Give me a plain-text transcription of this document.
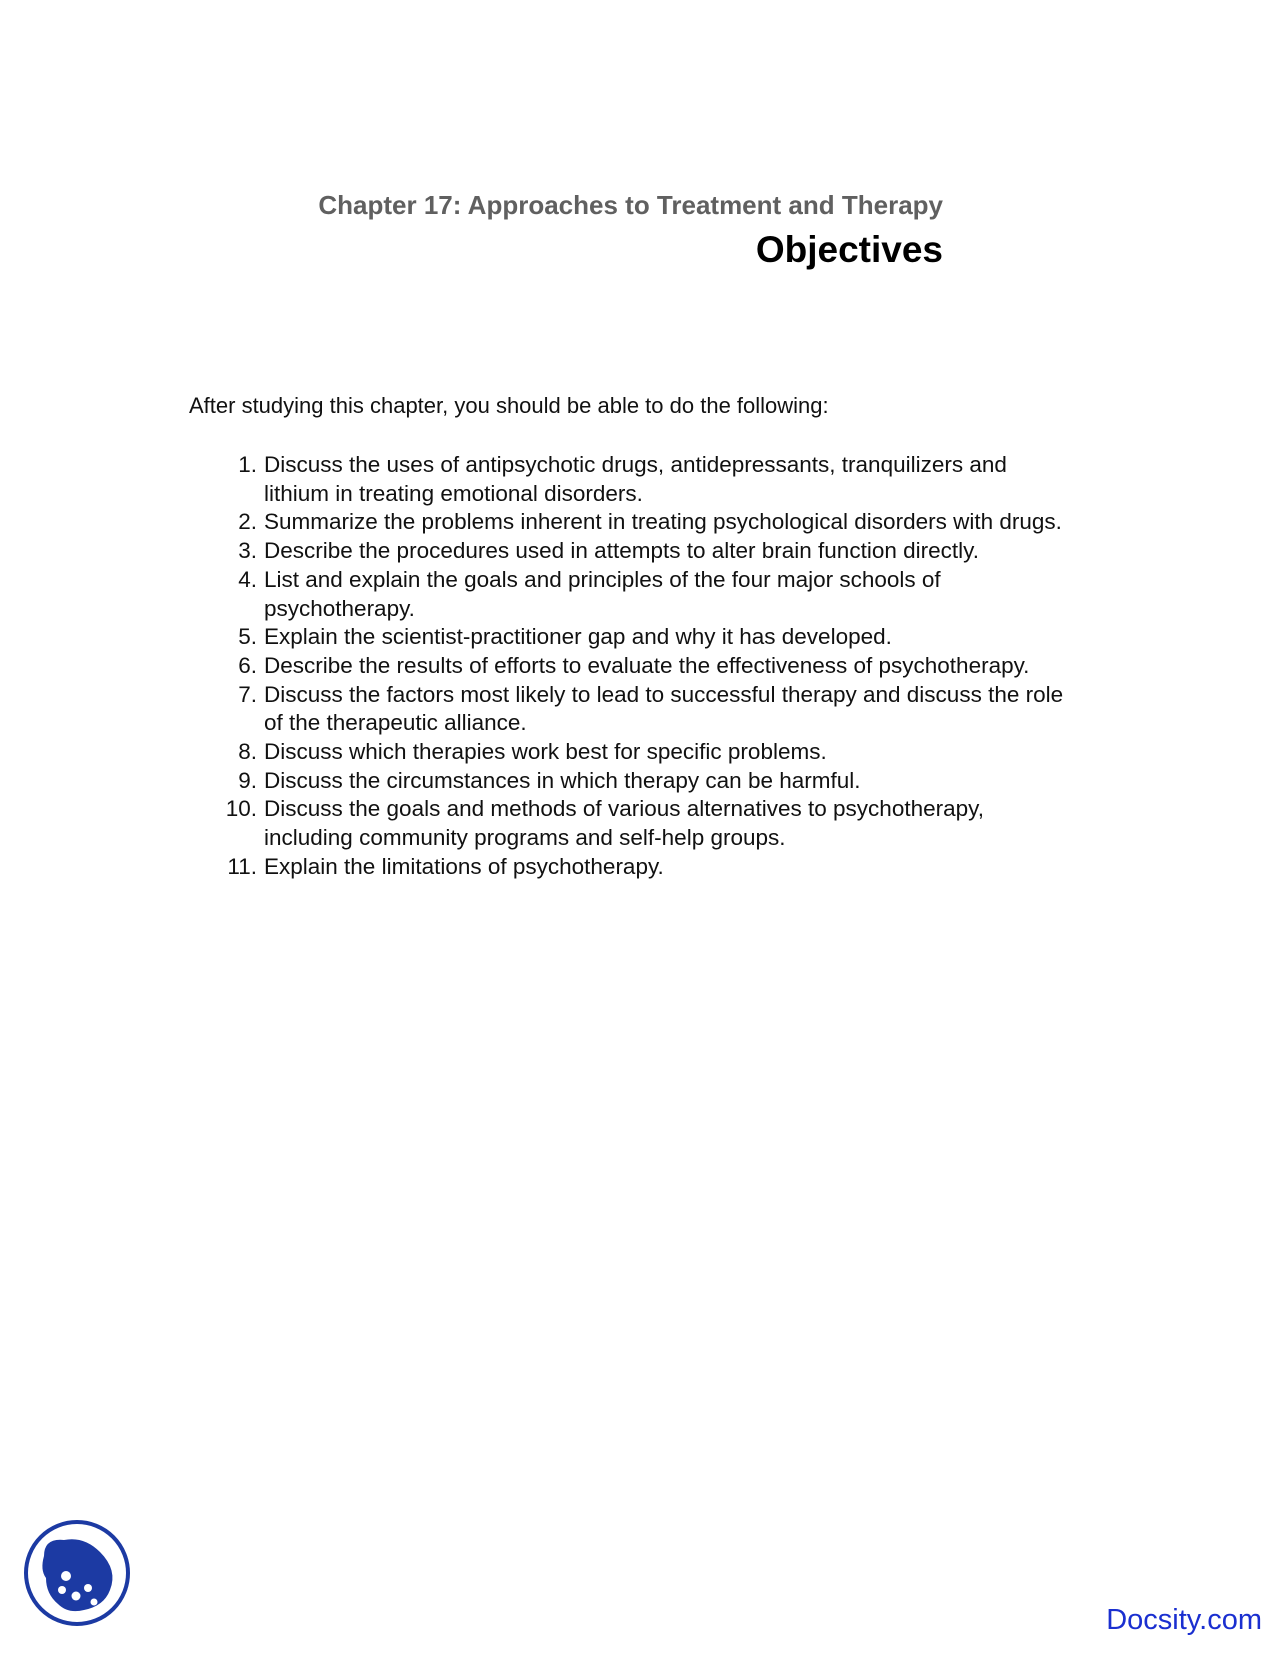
Chapter 17: Approaches to Treatment and Therapy
Objectives
After studying this chapter, you should be able to do the following:
1. Discuss the uses of antipsychotic drugs, antidepressants, tranquilizers and lithium in treating emotional disorders.
2. Summarize the problems inherent in treating psychological disorders with drugs.
3. Describe the procedures used in attempts to alter brain function directly.
4. List and explain the goals and principles of the four major schools of psychotherapy.
5. Explain the scientist-practitioner gap and why it has developed.
6. Describe the results of efforts to evaluate the effectiveness of psychotherapy.
7. Discuss the factors most likely to lead to successful therapy and discuss the role of the therapeutic alliance.
8. Discuss which therapies work best for specific problems.
9. Discuss the circumstances in which therapy can be harmful.
10. Discuss the goals and methods of various alternatives to psychotherapy, including community programs and self-help groups.
11. Explain the limitations of psychotherapy.
Docsity.com
